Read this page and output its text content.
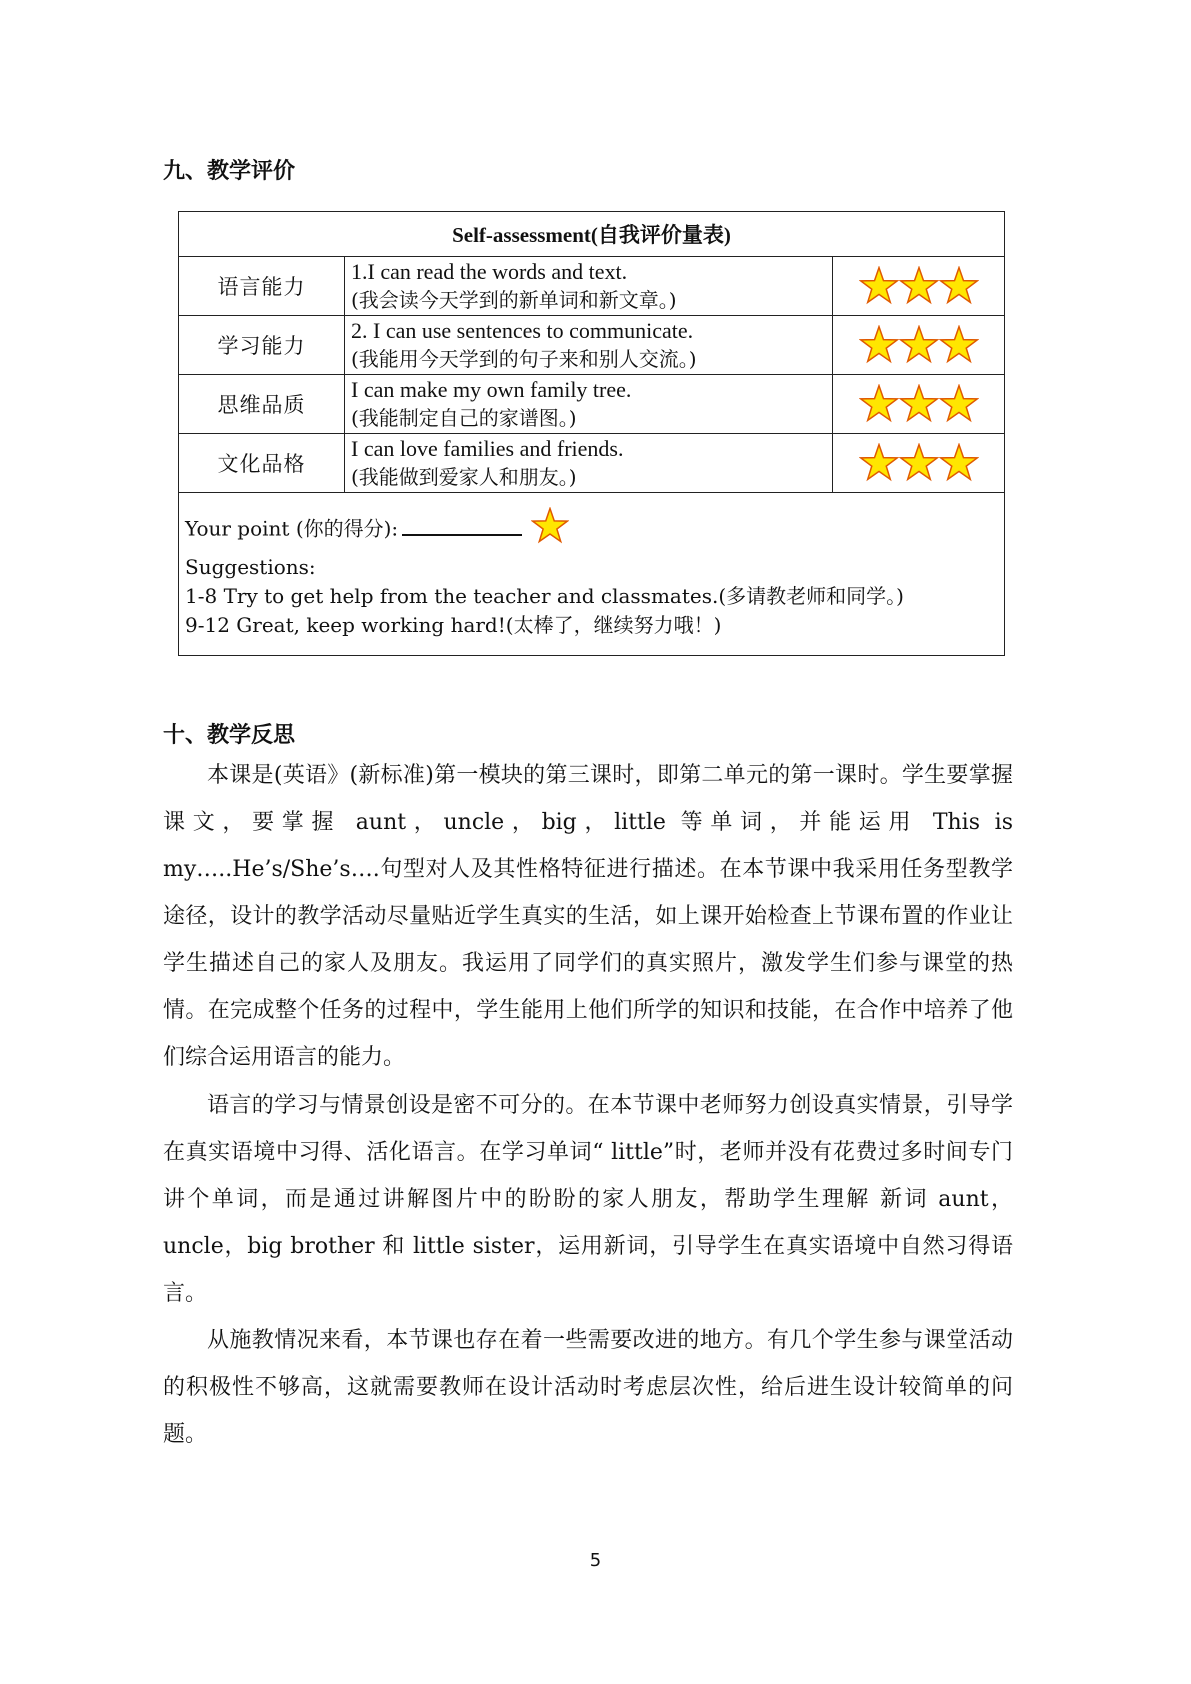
九、教学评价
Self-assessment(自我评价量表)		
语言能力	1.I can read the words and text.
(我会读今天学到的新单词和新文章。)

学习能力	2. I can use sentences to communicate.
(我能用今天学到的句子来和别人交流。)

思维品质	I can make my own family tree.
(我能制定自己的家谱图。)

文化品格	I can love families and friends.
(我能做到爱家人和朋友。)

Your point (你的得分):
Suggestions:
1-8 Try to get help from the teacher and classmates.(多请教老师和同学。)
9-12 Great, keep working hard!(太棒了，继续努力哦！)		
十、教学反思
本课是(英语》(新标准)第一模块的第三课时，即第二单元的第一课时。学生要掌握课文，要掌握 aunt，uncle，big，little 等单词，并能运用 This is my…..He’s/She’s….句型对人及其性格特征进行描述。在本节课中我采用任务型教学途径，设计的教学活动尽量贴近学生真实的生活，如上课开始检查上节课布置的作业让学生描述自己的家人及朋友。我运用了同学们的真实照片，激发学生们参与课堂的热情。在完成整个任务的过程中，学生能用上他们所学的知识和技能，在合作中培养了他们综合运用语言的能力。
语言的学习与情景创设是密不可分的。在本节课中老师努力创设真实情景，引导学在真实语境中习得、活化语言。在学习单词“ little”时，老师并没有花费过多时间专门讲个单词，而是通过讲解图片中的盼盼的家人朋友，帮助学生理解 新词 aunt，uncle，big brother 和 little sister，运用新词，引导学生在真实语境中自然习得语言。
从施教情况来看，本节课也存在着一些需要改进的地方。有几个学生参与课堂活动的积极性不够高，这就需要教师在设计活动时考虑层次性，给后进生设计较简单的问题。
5
